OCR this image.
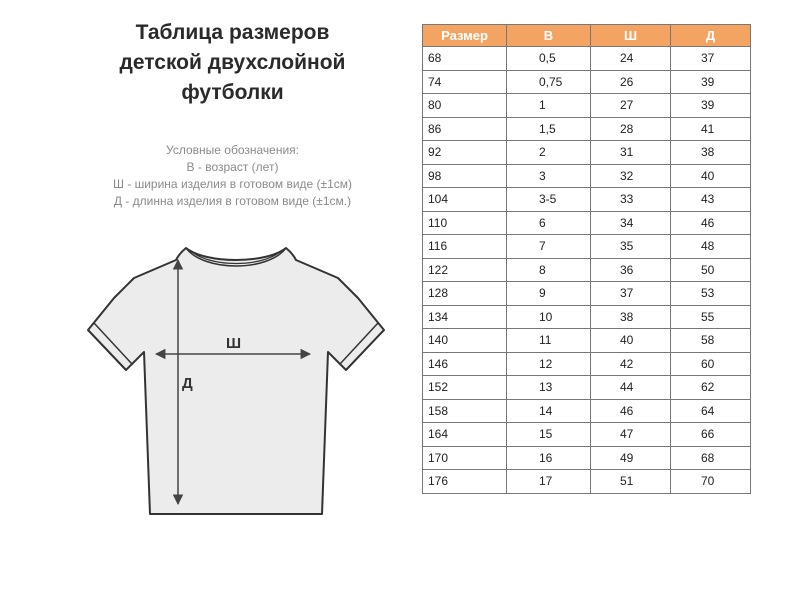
Таблица размеров
детской двухслойной
футболки
Условные обозначения:
В - возраст (лет)
Ш - ширина изделия в готовом виде (±1см)
Д - длинна изделия в готовом виде (±1см.)
Ш
Д
Размер	В	Ш	Д
68	0,5	24	37
74	0,75	26	39
80	1	27	39
86	1,5	28	41
92	2	31	38
98	3	32	40
104	3-5	33	43
110	6	34	46
116	7	35	48
122	8	36	50
128	9	37	53
134	10	38	55
140	11	40	58
146	12	42	60
152	13	44	62
158	14	46	64
164	15	47	66
170	16	49	68
176	17	51	70
